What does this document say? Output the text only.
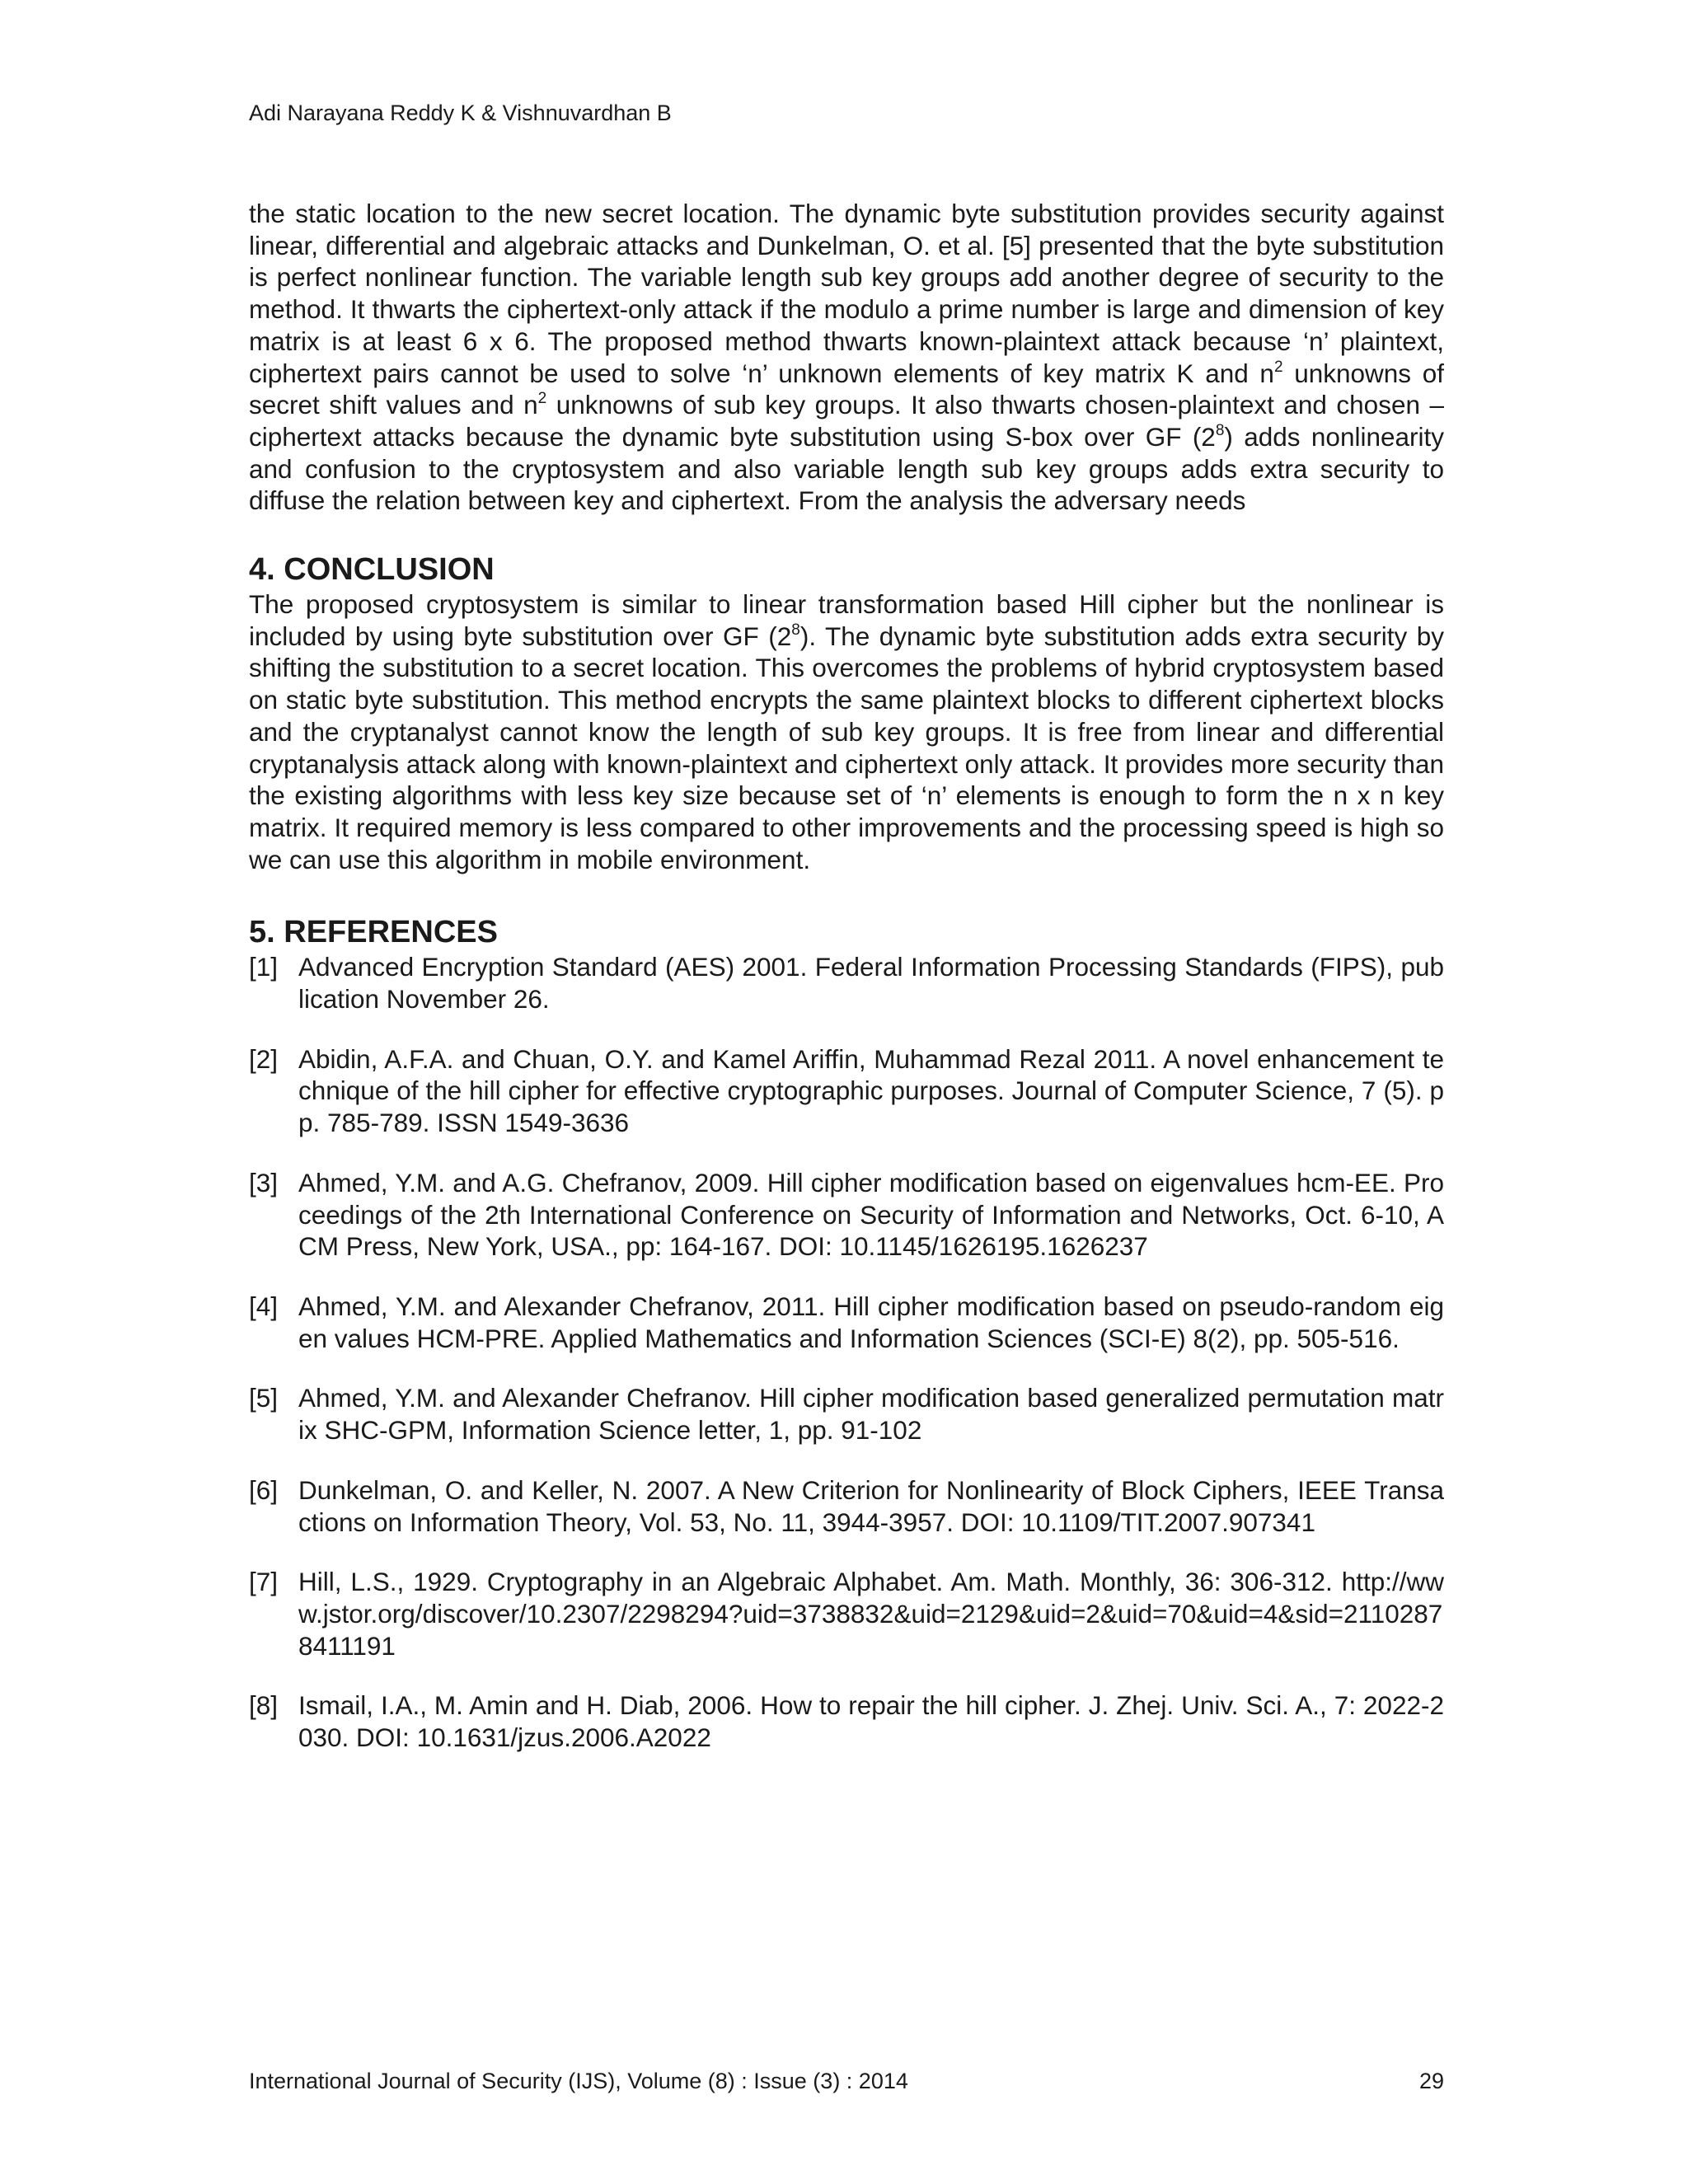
Adi Narayana Reddy K & Vishnuvardhan B

the static location to the new secret location. The dynamic byte substitution provides security against linear, differential and algebraic attacks and Dunkelman, O. et al. [5] presented that the byte substitution is perfect nonlinear function. The variable length sub key groups add another degree of security to the method. It thwarts the ciphertext-only attack if the modulo a prime number is large and dimension of key matrix is at least 6 x 6. The proposed method thwarts known-plaintext attack because ‘n’ plaintext, ciphertext pairs cannot be used to solve ‘n’ unknown elements of key matrix K and $n^2$ unknowns of secret shift values and $n^2$ unknowns of sub key groups. It also thwarts chosen-plaintext and chosen –ciphertext attacks because the dynamic byte substitution using S-box over GF $(2^8)$ adds nonlinearity and confusion to the cryptosystem and also variable length sub key groups adds extra security to diffuse the relation between key and ciphertext. From the analysis the adversary needs

4. CONCLUSION

The proposed cryptosystem is similar to linear transformation based Hill cipher but the nonlinear is included by using byte substitution over GF $(2^8)$. The dynamic byte substitution adds extra security by shifting the substitution to a secret location. This overcomes the problems of hybrid cryptosystem based on static byte substitution. This method encrypts the same plaintext blocks to different ciphertext blocks and the cryptanalyst cannot know the length of sub key groups. It is free from linear and differential cryptanalysis attack along with known-plaintext and ciphertext only attack. It provides more security than the existing algorithms with less key size because set of ‘n’ elements is enough to form the n x n key matrix. It required memory is less compared to other improvements and the processing speed is high so we can use this algorithm in mobile environment.

5. REFERENCES
[1] Advanced Encryption Standard (AES) 2001. Federal Information Processing Standards (FIPS), publication November 26.
[2] Abidin, A.F.A. and Chuan, O.Y. and Kamel Ariffin, Muhammad Rezal 2011. A novel enhancement technique of the hill cipher for effective cryptographic purposes. Journal of Computer Science, 7 (5). pp. 785-789. ISSN 1549-3636
[3] Ahmed, Y.M. and A.G. Chefranov, 2009. Hill cipher modification based on eigenvalues hcm-EE. Proceedings of the 2th International Conference on Security of Information and Networks, Oct. 6-10, ACM Press, New York, USA., pp: 164-167. DOI: 10.1145/1626195.1626237
[4] Ahmed, Y.M. and Alexander Chefranov, 2011. Hill cipher modification based on pseudo-random eigen values HCM-PRE. Applied Mathematics and Information Sciences (SCI-E) 8(2), pp. 505-516.
[5] Ahmed, Y.M. and Alexander Chefranov. Hill cipher modification based generalized permutation matrix SHC-GPM, Information Science letter, 1, pp. 91-102
[6] Dunkelman, O. and Keller, N. 2007. A New Criterion for Nonlinearity of Block Ciphers, IEEE Transactions on Information Theory, Vol. 53, No. 11, 3944-3957. DOI: 10.1109/TIT.2007.907341
[7] Hill, L.S., 1929. Cryptography in an Algebraic Alphabet. Am. Math. Monthly, 36: 306-312. http://www.jstor.org/discover/10.2307/2298294?uid=3738832&uid=2129&uid=2&uid=70&uid=4&sid=21102878411191
[8] Ismail, I.A., M. Amin and H. Diab, 2006. How to repair the hill cipher. J. Zhej. Univ. Sci. A., 7: 2022-2030. DOI: 10.1631/jzus.2006.A2022
International Journal of Security (IJS), Volume (8) : Issue (3) : 2014	29
